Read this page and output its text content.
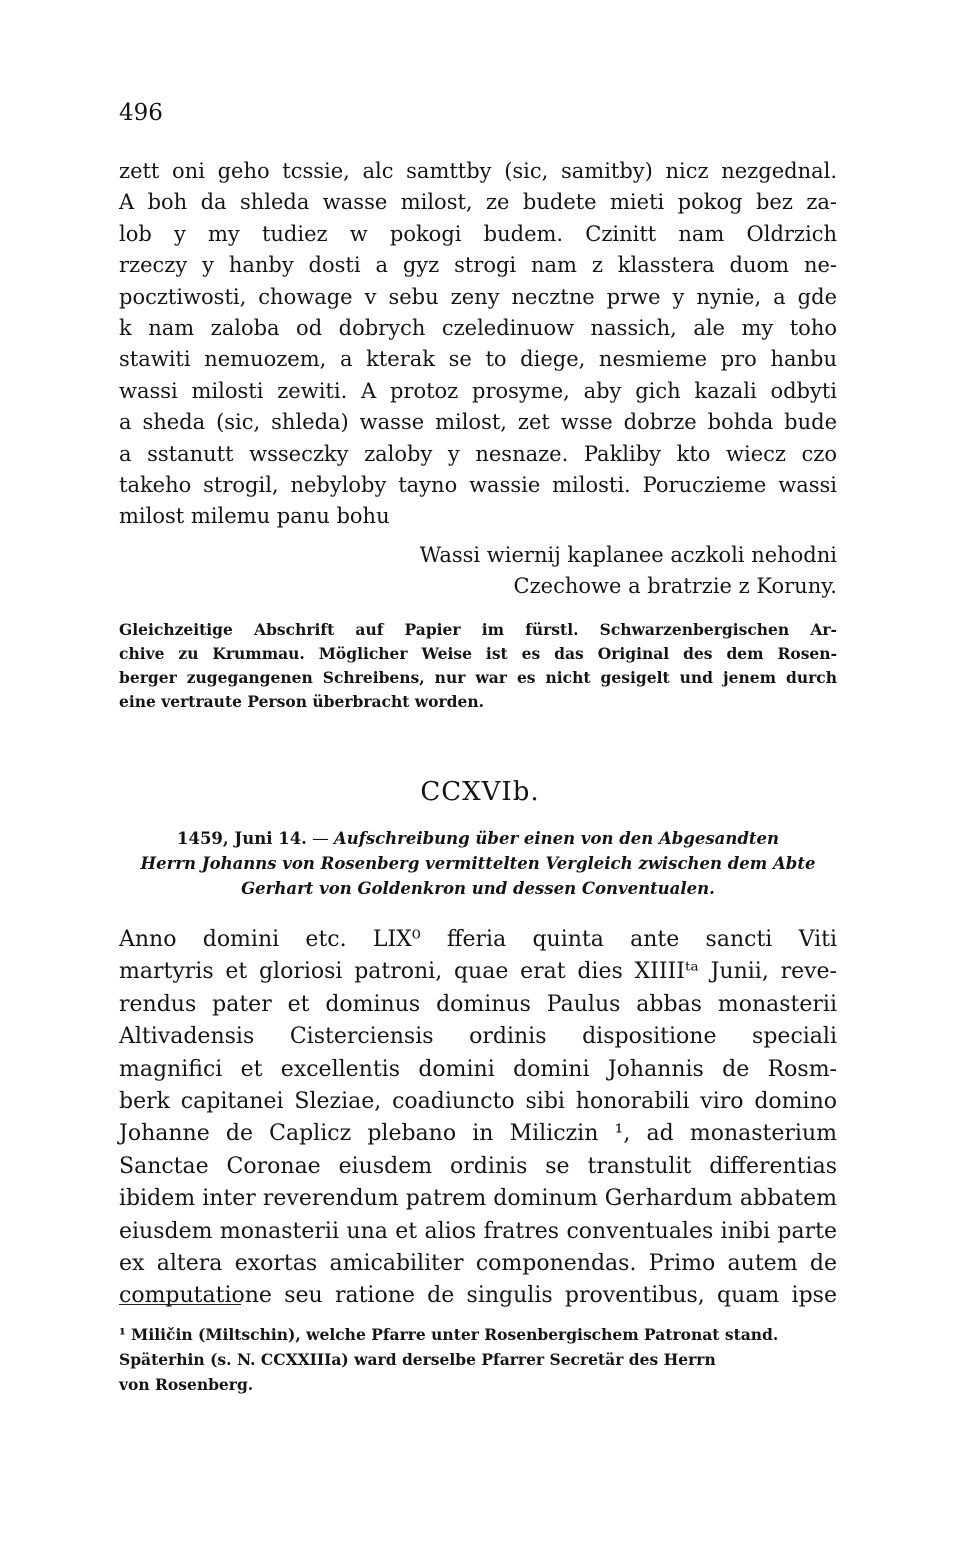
496
zett oni geho tcssie, alc samttby (sic, samitby) nicz nezgednal.
A boh da shleda wasse milost, ze budete mieti pokog bez za-
lob y my tudiez w pokogi budem. Czinitt nam Oldrzich
rzeczy y hanby dosti a gyz strogi nam z klasstera duom ne-
pocztiwosti, chowage v sebu zeny necztne prwe y nynie, a gde
k nam zaloba od dobrych czeledinuow nassich, ale my toho
stawiti nemuozem, a kterak se to diege, nesmieme pro hanbu
wassi milosti zewiti. A protoz prosyme, aby gich kazali odbyti
a sheda (sic, shleda) wasse milost, zet wsse dobrze bohda bude
a sstanutt wsseczky zaloby y nesnaze. Pakliby kto wiecz czo
takeho strogil, nebyloby tayno wassie milosti. Poruczieme wassi
milost milemu panu bohu
Wassi wiernij kaplanee aczkoli nehodni
Czechowe a bratrzie z Koruny.
Gleichzeitige Abschrift auf Papier im fürstl. Schwarzenbergischen Ar-
chive zu Krummau. Möglicher Weise ist es das Original des dem Rosen-
berger zugegangenen Schreibens, nur war es nicht gesigelt und jenem durch
eine vertraute Person überbracht worden.
CCXVIb.
1459, Juni 14. — Aufschreibung über einen von den Abgesandten
Herrn Johanns von Rosenberg vermittelten Vergleich zwischen dem Abte
Gerhart von Goldenkron und dessen Conventualen.
Anno domini etc. LIX⁰ fferia quinta ante sancti Viti
martyris et gloriosi patroni, quae erat dies XIIIIᵗᵃ Junii, reve-
rendus pater et dominus dominus Paulus abbas monasterii
Altivadensis Cisterciensis ordinis dispositione speciali
magnifici et excellentis domini domini Johannis de Rosm-
berk capitanei Sleziae, coadiuncto sibi honorabili viro domino
Johanne de Caplicz plebano in Miliczin ¹, ad monasterium
Sanctae Coronae eiusdem ordinis se transtulit differentias
ibidem inter reverendum patrem dominum Gerhardum abbatem
eiusdem monasterii una et alios fratres conventuales inibi parte
ex altera exortas amicabiliter componendas. Primo autem de
computatione seu ratione de singulis proventibus, quam ipse
¹ Miličin (Miltschin), welche Pfarre unter Rosenbergischem Patronat stand.
Späterhin (s. N. CCXXIIIa) ward derselbe Pfarrer Secretär des Herrn
von Rosenberg.
